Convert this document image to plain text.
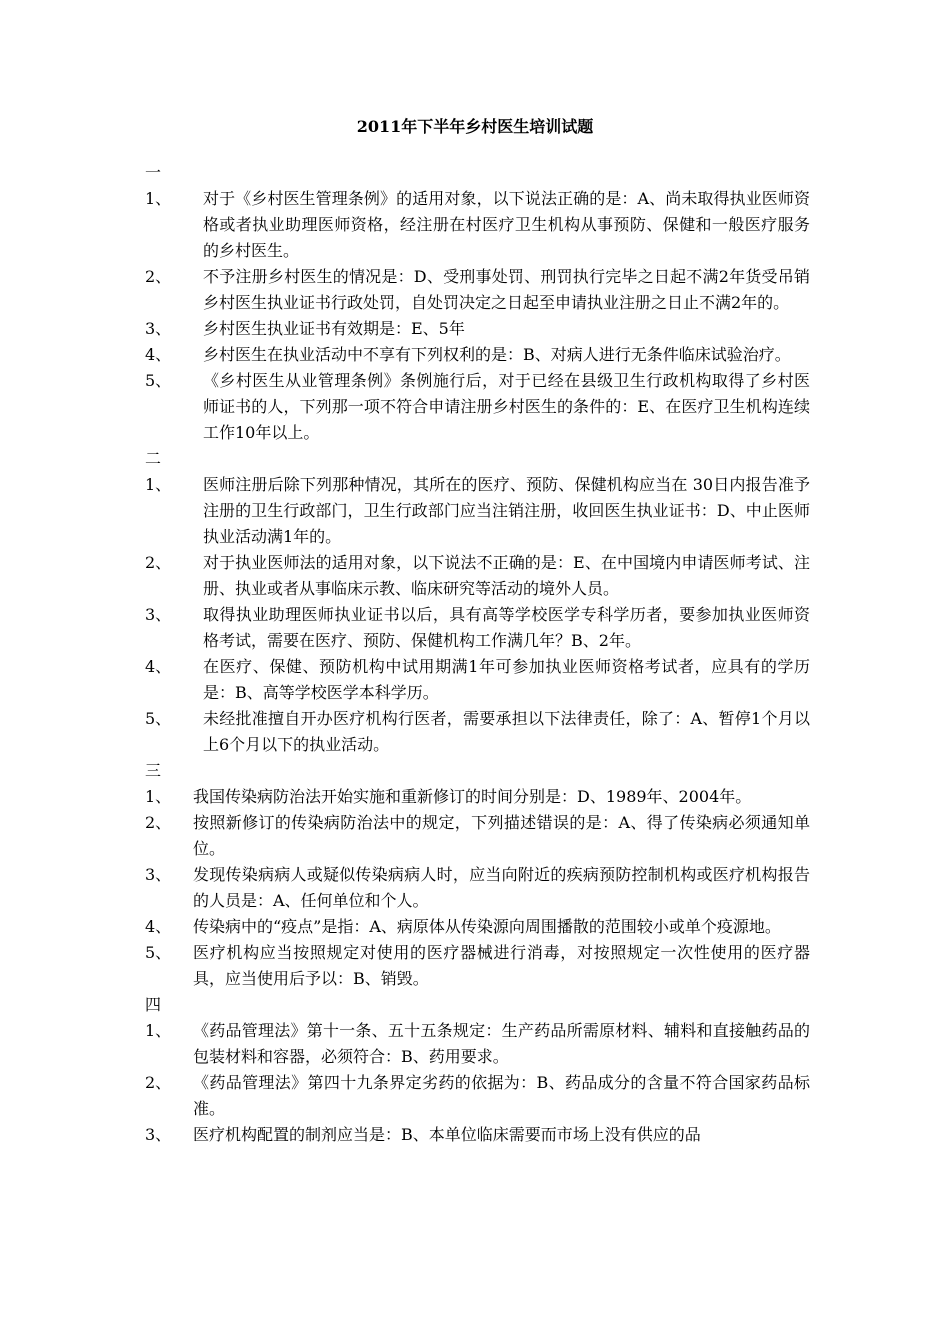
2011年下半年乡村医生培训试题
一
1、	对于《乡村医生管理条例》的适用对象，以下说法正确的是：A、尚未取得执业医师资格或者执业助理医师资格，经注册在村医疗卫生机构从事预防、保健和一般医疗服务的乡村医生。
2、	不予注册乡村医生的情况是：D、受刑事处罚、刑罚执行完毕之日起不满2年货受吊销乡村医生执业证书行政处罚，自处罚决定之日起至申请执业注册之日止不满2年的。
3、	乡村医生执业证书有效期是：E、5年
4、	乡村医生在执业活动中不享有下列权利的是：B、对病人进行无条件临床试验治疗。
5、	《乡村医生从业管理条例》条例施行后，对于已经在县级卫生行政机构取得了乡村医师证书的人，下列那一项不符合申请注册乡村医生的条件的：E、在医疗卫生机构连续工作10年以上。
二
1、	医师注册后除下列那种情况，其所在的医疗、预防、保健机构应当在 30日内报告准予注册的卫生行政部门，卫生行政部门应当注销注册，收回医生执业证书：D、中止医师执业活动满1年的。
2、	对于执业医师法的适用对象，以下说法不正确的是：E、在中国境内申请医师考试、注册、执业或者从事临床示教、临床研究等活动的境外人员。
3、	取得执业助理医师执业证书以后，具有高等学校医学专科学历者，要参加执业医师资格考试，需要在医疗、预防、保健机构工作满几年？B、2年。
4、	在医疗、保健、预防机构中试用期满1年可参加执业医师资格考试者，应具有的学历是：B、高等学校医学本科学历。
5、	未经批准擅自开办医疗机构行医者，需要承担以下法律责任，除了：A、暂停1个月以上6个月以下的执业活动。
三
1、	我国传染病防治法开始实施和重新修订的时间分别是：D、1989年、2004年。
2、	按照新修订的传染病防治法中的规定，下列描述错误的是：A、得了传染病必须通知单位。
3、	发现传染病病人或疑似传染病病人时，应当向附近的疾病预防控制机构或医疗机构报告的人员是：A、任何单位和个人。
4、	传染病中的“疫点”是指：A、病原体从传染源向周围播散的范围较小或单个疫源地。
5、	医疗机构应当按照规定对使用的医疗器械进行消毒，对按照规定一次性使用的医疗器具，应当使用后予以：B、销毁。
四
1、	《药品管理法》第十一条、五十五条规定：生产药品所需原材料、辅料和直接触药品的包装材料和容器，必须符合：B、药用要求。
2、	《药品管理法》第四十九条界定劣药的依据为：B、药品成分的含量不符合国家药品标准。
3、	医疗机构配置的制剂应当是：B、本单位临床需要而市场上没有供应的品
